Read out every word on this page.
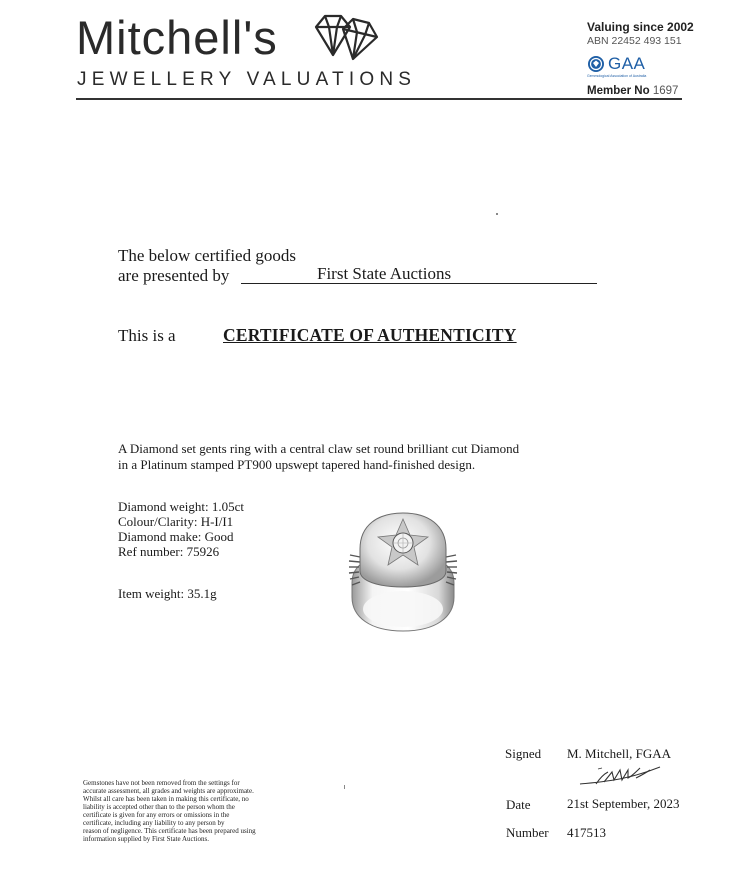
Mitchell's
JEWELLERY VALUATIONS
Valuing since 2002
ABN 22452 493 151
GAA
Gemmological Association of Australia
Member No 1697
The below certified goods
are presented by	First State Auctions
This is a	CERTIFICATE OF AUTHENTICITY
A Diamond set gents ring with a central claw set round brilliant cut Diamond
in a Platinum stamped PT900 upswept tapered hand-finished design.
Diamond weight: 1.05ct
Colour/Clarity: H-I/I1
Diamond make: Good
Ref number: 75926
Item weight: 35.1g
Signed M. Mitchell, FGAA
Date	21st September, 2023
Number 417513
Gemstones have not been removed from the settings for
accurate assessment, all grades and weights are approximate.
Whilst all care has been taken in making this certificate, no
liability is accepted other than to the person whom the
certificate is given for any errors or omissions in the
certificate, including any liability to any person by
reason of negligence. This certificate has been prepared using
information supplied by First State Auctions.
